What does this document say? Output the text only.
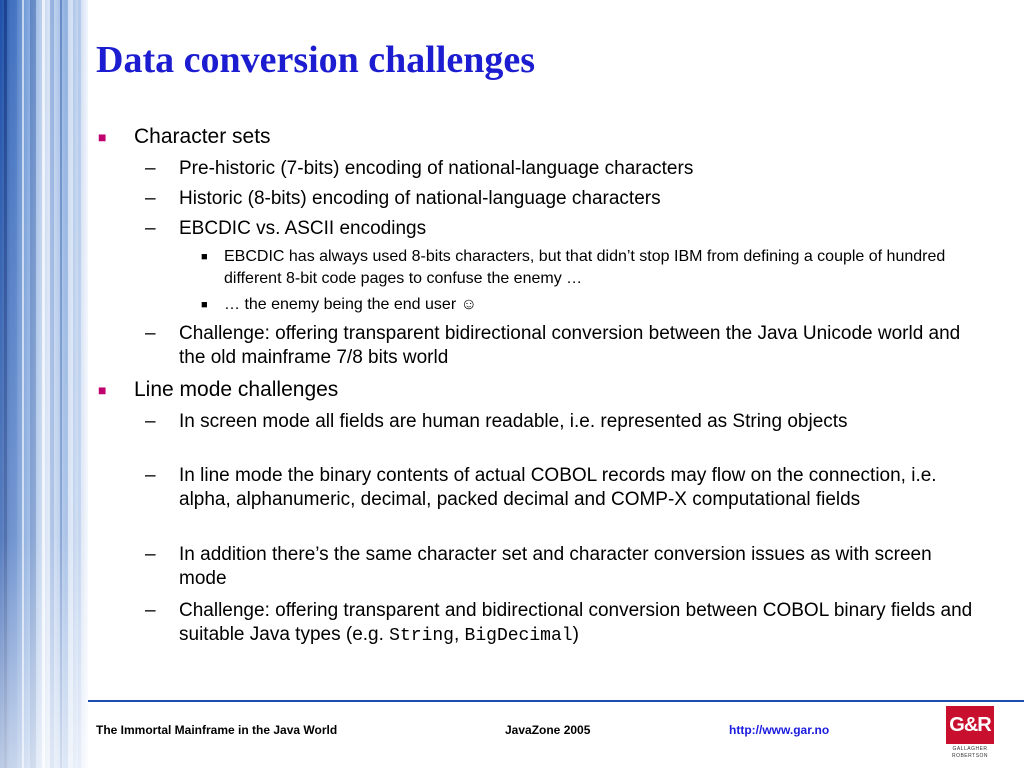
Data conversion challenges
■ Character sets
– Pre-historic (7-bits) encoding of national-language characters
– Historic (8-bits) encoding of national-language characters
– EBCDIC vs. ASCII encodings
■ EBCDIC has always used 8-bits characters, but that didn’t stop IBM from defining a couple of hundred different 8-bit code pages to confuse the enemy …
■ … the enemy being the end user ☺
– Challenge: offering transparent bidirectional conversion between the Java Unicode world and the old mainframe 7/8 bits world
■ Line mode challenges
– In screen mode all fields are human readable, i.e. represented as String objects
– In line mode the binary contents of actual COBOL records may flow on the connection, i.e. alpha, alphanumeric, decimal, packed decimal and COMP-X computational fields
– In addition there’s the same character set and character conversion issues as with screen mode
– Challenge: offering transparent and bidirectional conversion between COBOL binary fields and suitable Java types (e.g. String, BigDecimal)
The Immortal Mainframe in the Java World	JavaZone 2005	http://www.gar.no	G&R
GALLAGHER
ROBERTSON
